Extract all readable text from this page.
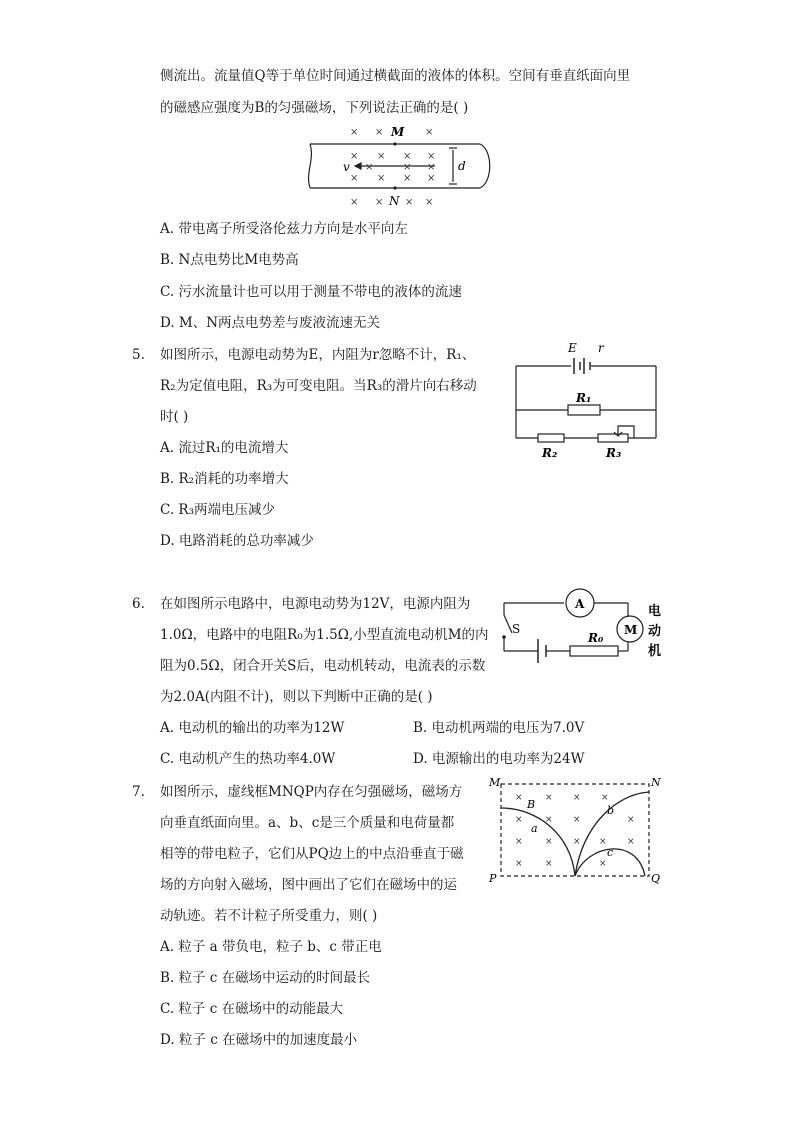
侧流出。流量值Q等于单位时间通过横截面的液体的体积。空间有垂直纸面向里
的磁感应强度为B的匀强磁场，下列说法正确的是( )
× ×	×
× × × ×
×	× ×
× × × ×
× × × ×
M
N
v	d
A. 带电离子所受洛伦兹力方向是水平向左
B. N点电势比M电势高
C. 污水流量计也可以用于测量不带电的液体的流速
D. M、N两点电势差与废液流速无关
5. 如图所示，电源电动势为E，内阻为r忽略不计，R₁、
R₂为定值电阻，R₃为可变电阻。当R₃的滑片向右移动
时( )
E r
R₁
R₂	R₃
A. 流过R₁的电流增大
B. R₂消耗的功率增大
C. R₃两端电压减少
D. 电路消耗的总功率减少
6. 在如图所示电路中，电源电动势为12V，电源内阻为
1.0Ω，电路中的电阻R₀为1.5Ω,小型直流电动机M的内
阻为0.5Ω，闭合开关S后，电动机转动，电流表的示数
为2.0A(内阻不计)，则以下判断中正确的是( )
A
M
S
R₀
电
动
机
A. 电动机的输出的功率为12W	B. 电动机两端的电压为7.0V
C. 电动机产生的热功率4.0W	D. 电源输出的电功率为24W
7. 如图所示，虚线框MNQP内存在匀强磁场，磁场方
向垂直纸面向里。a、b、c是三个质量和电荷量都
相等的带电粒子，它们从PQ边上的中点沿垂直于磁
场的方向射入磁场，图中画出了它们在磁场中的运
动轨迹。若不计粒子所受重力，则( )
× × × ×
× × ×	×
× × × × ×
× ×	×
M	N
P	Q
B
a
b
c
A. 粒子 a 带负电，粒子 b、c 带正电
B. 粒子 c 在磁场中运动的时间最长
C. 粒子 c 在磁场中的动能最大
D. 粒子 c 在磁场中的加速度最小
